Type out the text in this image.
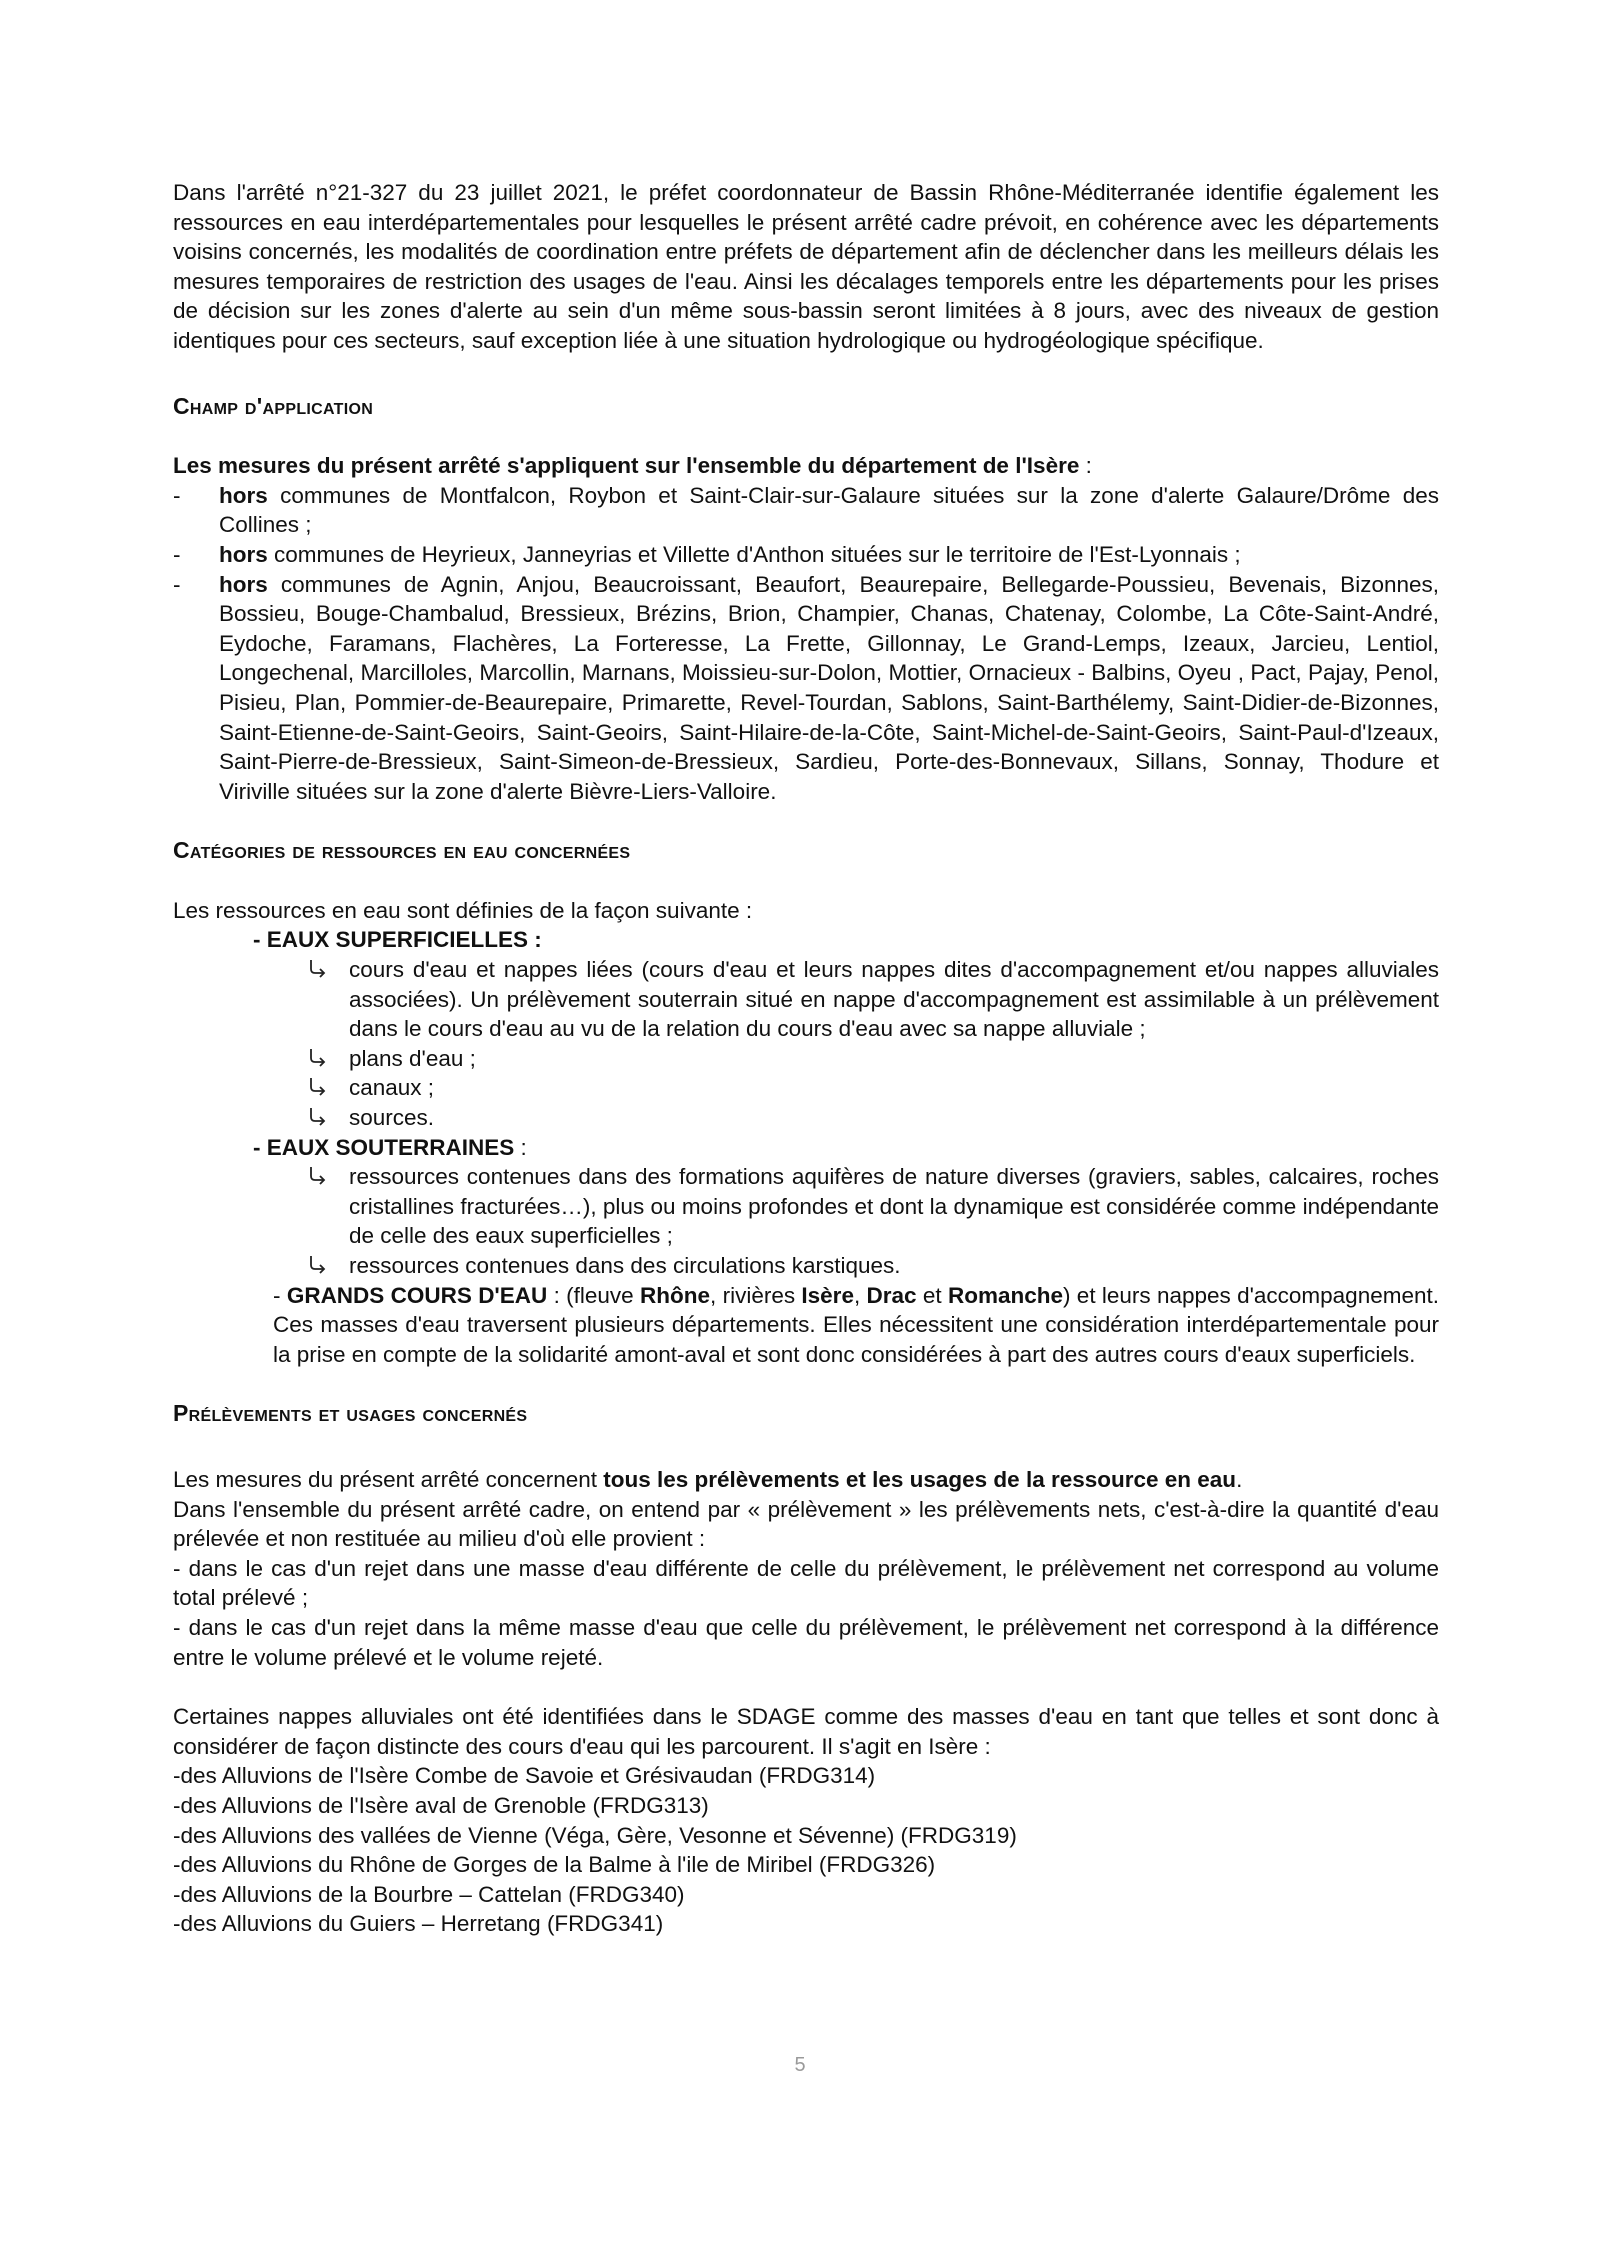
Dans l'arrêté n°21-327 du 23 juillet 2021, le préfet coordonnateur de Bassin Rhône-Méditerranée identifie également les ressources en eau interdépartementales pour lesquelles le présent arrêté cadre prévoit, en cohérence avec les départements voisins concernés, les modalités de coordination entre préfets de département afin de déclencher dans les meilleurs délais les mesures temporaires de restriction des usages de l'eau. Ainsi les décalages temporels entre les départements pour les prises de décision sur les zones d'alerte au sein d'un même sous-bassin seront limitées à 8 jours, avec des niveaux de gestion identiques pour ces secteurs, sauf exception liée à une situation hydrologique ou hydrogéologique spécifique.

Champ d'application

Les mesures du présent arrêté s'appliquent sur l'ensemble du département de l'Isère :

- hors communes de Montfalcon, Roybon et Saint-Clair-sur-Galaure situées sur la zone d'alerte Galaure/Drôme des Collines ;
- hors communes de Heyrieux, Janneyrias et Villette d'Anthon situées sur le territoire de l'Est-Lyonnais ;
- hors communes de Agnin, Anjou, Beaucroissant, Beaufort, Beaurepaire, Bellegarde-Poussieu, Bevenais, Bizonnes, Bossieu, Bouge-Chambalud, Bressieux, Brézins, Brion, Champier, Chanas, Chatenay, Colombe, La Côte-Saint-André, Eydoche, Faramans, Flachères, La Forteresse, La Frette, Gillonnay, Le Grand-Lemps, Izeaux, Jarcieu, Lentiol, Longechenal, Marcilloles, Marcollin, Marnans, Moissieu-sur-Dolon, Mottier, Ornacieux - Balbins, Oyeu , Pact, Pajay, Penol, Pisieu, Plan, Pommier-de-Beaurepaire, Primarette, Revel-Tourdan, Sablons, Saint-Barthélemy, Saint-Didier-de-Bizonnes, Saint-Etienne-de-Saint-Geoirs, Saint-Geoirs, Saint-Hilaire-de-la-Côte, Saint-Michel-de-Saint-Geoirs, Saint-Paul-d'Izeaux, Saint-Pierre-de-Bressieux, Saint-Simeon-de-Bressieux, Sardieu, Porte-des-Bonnevaux, Sillans, Sonnay, Thodure et Viriville situées sur la zone d'alerte Bièvre-Liers-Valloire.

Catégories de ressources en eau concernées

Les ressources en eau sont définies de la façon suivante :

- EAUX SUPERFICIELLES :

cours d'eau et nappes liées (cours d'eau et leurs nappes dites d'accompagnement et/ou nappes alluviales associées). Un prélèvement souterrain situé en nappe d'accompagnement est assimilable à un prélèvement dans le cours d'eau au vu de la relation du cours d'eau avec sa nappe alluviale ;
plans d'eau ;
canaux ;
sources.

- EAUX SOUTERRAINES :

ressources contenues dans des formations aquifères de nature diverses (graviers, sables, calcaires, roches cristallines fracturées…), plus ou moins profondes et dont la dynamique est considérée comme indépendante de celle des eaux superficielles ;
ressources contenues dans des circulations karstiques.

- GRANDS COURS D'EAU : (fleuve Rhône, rivières Isère, Drac et Romanche) et leurs nappes d'accompagnement. Ces masses d'eau traversent plusieurs départements. Elles nécessitent une considération interdépartementale pour la prise en compte de la solidarité amont-aval et sont donc considérées à part des autres cours d'eaux superficiels.

Prélèvements et usages concernés

Les mesures du présent arrêté concernent tous les prélèvements et les usages de la ressource en eau.

Dans l'ensemble du présent arrêté cadre, on entend par « prélèvement » les prélèvements nets, c'est-à-dire la quantité d'eau prélevée et non restituée au milieu d'où elle provient :

- dans le cas d'un rejet dans une masse d'eau différente de celle du prélèvement, le prélèvement net correspond au volume total prélevé ;

- dans le cas d'un rejet dans la même masse d'eau que celle du prélèvement, le prélèvement net correspond à la différence entre le volume prélevé et le volume rejeté.

Certaines nappes alluviales ont été identifiées dans le SDAGE comme des masses d'eau en tant que telles et sont donc à considérer de façon distincte des cours d'eau qui les parcourent. Il s'agit en Isère :

-des Alluvions de l'Isère Combe de Savoie et Grésivaudan (FRDG314)

-des Alluvions de l'Isère aval de Grenoble (FRDG313)

-des Alluvions des vallées de Vienne (Véga, Gère, Vesonne et Sévenne) (FRDG319)

-des Alluvions du Rhône de Gorges de la Balme à l'ile de Miribel (FRDG326)

-des Alluvions de la Bourbre – Cattelan (FRDG340)

-des Alluvions du Guiers – Herretang (FRDG341)

5
